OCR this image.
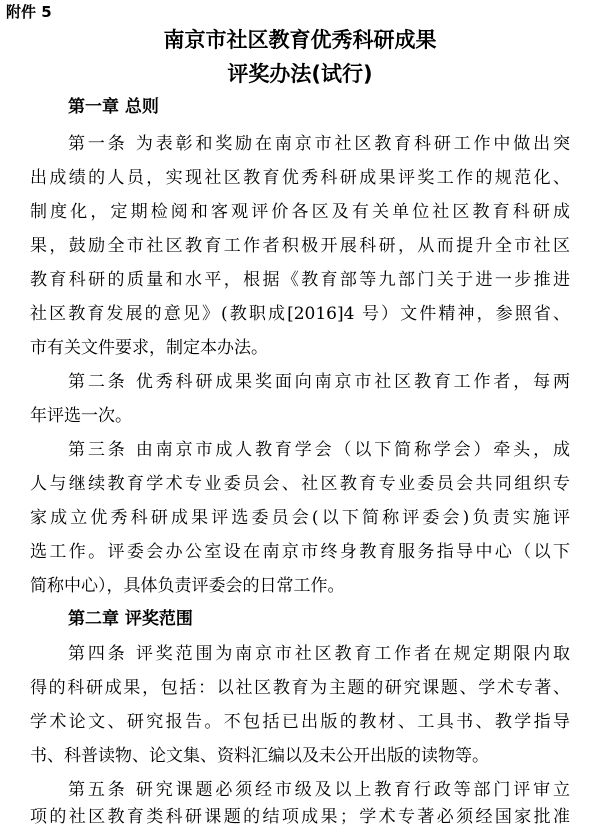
附件 5
南京市社区教育优秀科研成果
评奖办法(试行)
第一章 总则
第一条 为表彰和奖励在南京市社区教育科研工作中做出突
出成绩的人员，实现社区教育优秀科研成果评奖工作的规范化、
制度化，定期检阅和客观评价各区及有关单位社区教育科研成
果，鼓励全市社区教育工作者积极开展科研，从而提升全市社区
教育科研的质量和水平，根据《教育部等九部门关于进一步推进
社区教育发展的意见》(教职成[2016]4 号）文件精神，参照省、
市有关文件要求，制定本办法。
第二条 优秀科研成果奖面向南京市社区教育工作者，每两
年评选一次。
第三条 由南京市成人教育学会（以下简称学会）牵头，成
人与继续教育学术专业委员会、社区教育专业委员会共同组织专
家成立优秀科研成果评选委员会(以下简称评委会)负责实施评
选工作。评委会办公室设在南京市终身教育服务指导中心（以下
简称中心），具体负责评委会的日常工作。
第二章 评奖范围
第四条 评奖范围为南京市社区教育工作者在规定期限内取
得的科研成果，包括：以社区教育为主题的研究课题、学术专著、
学术论文、研究报告。不包括已出版的教材、工具书、教学指导
书、科普读物、论文集、资料汇编以及未公开出版的读物等。
第五条 研究课题必须经市级及以上教育行政等部门评审立
项的社区教育类科研课题的结项成果；学术专著必须经国家批准
